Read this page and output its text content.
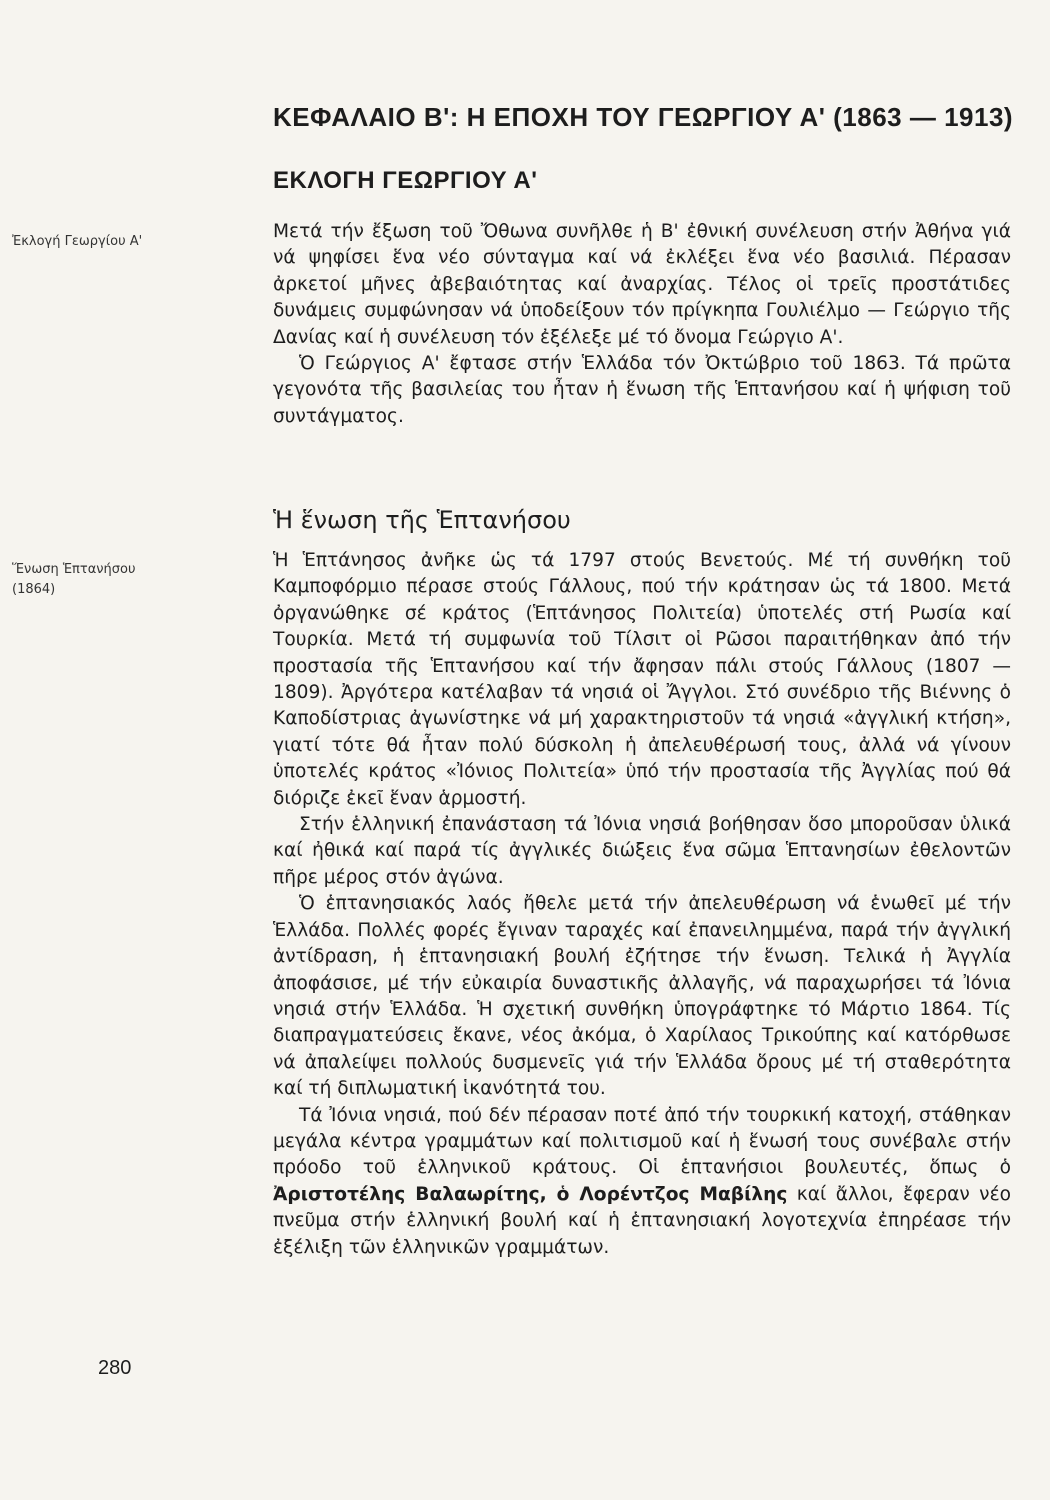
ΚΕΦΑΛΑΙΟ Β': Η ΕΠΟΧΗ ΤΟΥ ΓΕΩΡΓΙΟΥ Α' (1863 — 1913)
ΕΚΛΟΓΗ ΓΕΩΡΓΙΟΥ Α'
Ἐκλογή Γεωργίου Α'	Μετά τήν ἔξωση τοῦ Ὄθωνα συνῆλθε ἡ Β' ἐθνική συνέλευση στήν Ἀθήνα γιά νά ψηφίσει ἕνα νέο σύνταγμα καί νά ἐκλέξει ἕνα νέο βασιλιά. Πέρασαν ἀρκετοί μῆνες ἀβεβαιότητας καί ἀναρχίας. Τέλος οἱ τρεῖς προστάτιδες δυνάμεις συμφώνησαν νά ὑποδείξουν τόν πρίγκηπα Γουλιέλμο — Γεώργιο τῆς Δανίας καί ἡ συνέλευση τόν ἐξέλεξε μέ τό ὄνομα Γεώργιο Α'.

Ὁ Γεώργιος Α' ἔφτασε στήν Ἑλλάδα τόν Ὀκτώβριο τοῦ 1863. Τά πρῶτα γεγονότα τῆς βασιλείας του ἦταν ἡ ἕνωση τῆς Ἑπτανήσου καί ἡ ψήφιση τοῦ συντάγματος.

Ἡ ἕνωση τῆς Ἑπτανήσου
Ἕνωση Ἑπτανήσου (1864)

Ἡ Ἑπτάνησος ἀνῆκε ὡς τά 1797 στούς Βενετούς. Μέ τή συνθήκη τοῦ Καμποφόρμιο πέρασε στούς Γάλλους, πού τήν κράτησαν ὡς τά 1800. Μετά ὀργανώθηκε σέ κράτος (Ἑπτάνησος Πολιτεία) ὑποτελές στή Ρωσία καί Τουρκία. Μετά τή συμφωνία τοῦ Τίλσιτ οἱ Ρῶσοι παραιτήθηκαν ἀπό τήν προστασία τῆς Ἑπτανήσου καί τήν ἄφησαν πάλι στούς Γάλλους (1807 — 1809). Ἀργότερα κατέλαβαν τά νησιά οἱ Ἄγγλοι. Στό συνέδριο τῆς Βιέννης ὁ Καποδίστριας ἀγωνίστηκε νά μή χαρακτηριστοῦν τά νησιά «ἀγγλική κτήση», γιατί τότε θά ἦταν πολύ δύσκολη ἡ ἀπελευθέρωσή τους, ἀλλά νά γίνουν ὑποτελές κράτος «Ἰόνιος Πολιτεία» ὑπό τήν προστασία τῆς Ἀγγλίας πού θά διόριζε ἐκεῖ ἕναν ἁρμοστή.

Στήν ἑλληνική ἐπανάσταση τά Ἰόνια νησιά βοήθησαν ὅσο μποροῦσαν ὑλικά καί ἠθικά καί παρά τίς ἀγγλικές διώξεις ἕνα σῶμα Ἑπτανησίων ἐθελοντῶν πῆρε μέρος στόν ἀγώνα.

Ὁ ἑπτανησιακός λαός ἤθελε μετά τήν ἀπελευθέρωση νά ἑνωθεῖ μέ τήν Ἑλλάδα. Πολλές φορές ἔγιναν ταραχές καί ἐπανειλημμένα, παρά τήν ἀγγλική ἀντίδραση, ἡ ἑπτανησιακή βουλή ἐζήτησε τήν ἕνωση. Τελικά ἡ Ἀγγλία ἀποφάσισε, μέ τήν εὐκαιρία δυναστικῆς ἀλλαγῆς, νά παραχωρήσει τά Ἰόνια νησιά στήν Ἑλλάδα. Ἡ σχετική συνθήκη ὑπογράφτηκε τό Μάρτιο 1864. Τίς διαπραγματεύσεις ἔκανε, νέος ἀκόμα, ὁ Χαρίλαος Τρικούπης καί κατόρθωσε νά ἀπαλείψει πολλούς δυσμενεῖς γιά τήν Ἑλλάδα ὅρους μέ τή σταθερότητα καί τή διπλωματική ἱκανότητά του.

Τά Ἰόνια νησιά, πού δέν πέρασαν ποτέ ἀπό τήν τουρκική κατοχή, στάθηκαν μεγάλα κέντρα γραμμάτων καί πολιτισμοῦ καί ἡ ἕνωσή τους συνέβαλε στήν πρόοδο τοῦ ἑλληνικοῦ κράτους. Οἱ ἑπτανήσιοι βουλευτές, ὅπως ὁ Ἀριστοτέλης Βαλαωρίτης, ὁ Λορέντζος Μαβίλης καί ἄλλοι, ἔφεραν νέο πνεῦμα στήν ἑλληνική βουλή καί ἡ ἑπτανησιακή λογοτεχνία ἐπηρέασε τήν ἐξέλιξη τῶν ἑλληνικῶν γραμμάτων.

280
